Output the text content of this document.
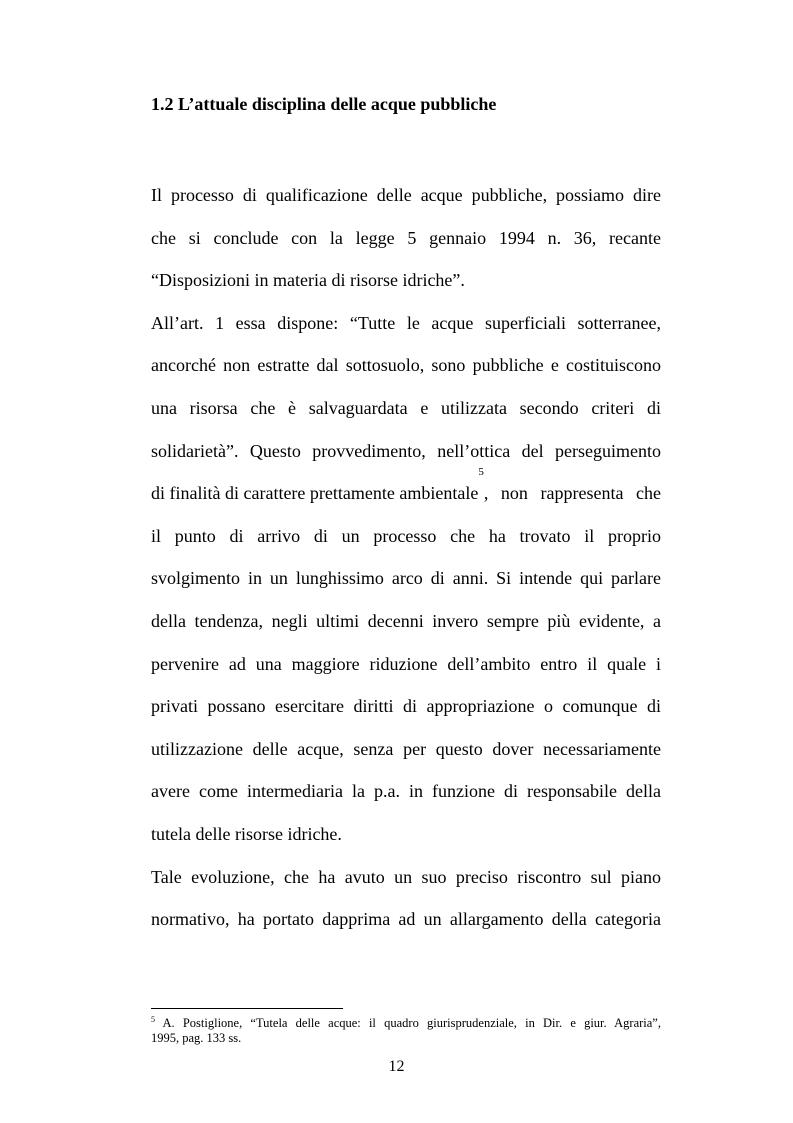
1.2 L’attuale disciplina delle acque pubbliche
Il processo di qualificazione delle acque pubbliche, possiamo dire
che si conclude con la legge 5 gennaio 1994 n. 36, recante
“Disposizioni in materia di risorse idriche”.
All’art. 1 essa dispone: “Tutte le acque superficiali sotterranee,
ancorché non estratte dal sottosuolo, sono pubbliche e costituiscono
una risorsa che è salvaguardata e utilizzata secondo criteri di
solidarietà”. Questo provvedimento, nell’ottica del perseguimento
di finalità di carattere prettamente ambientale
5
, non rappresenta che
il punto di arrivo di un processo che ha trovato il proprio
svolgimento in un lunghissimo arco di anni. Si intende qui parlare
della tendenza, negli ultimi decenni invero sempre più evidente, a
pervenire ad una maggiore riduzione dell’ambito entro il quale i
privati possano esercitare diritti di appropriazione o comunque di
utilizzazione delle acque, senza per questo dover necessariamente
avere come intermediaria la p.a. in funzione di responsabile della
tutela delle risorse idriche.
Tale evoluzione, che ha avuto un suo preciso riscontro sul piano
normativo, ha portato dapprima ad un allargamento della categoria
$^5$ A. Postiglione, “Tutela delle acque: il quadro giurisprudenziale, in Dir. e giur. Agraria”,
1995, pag. 133 ss.
12
